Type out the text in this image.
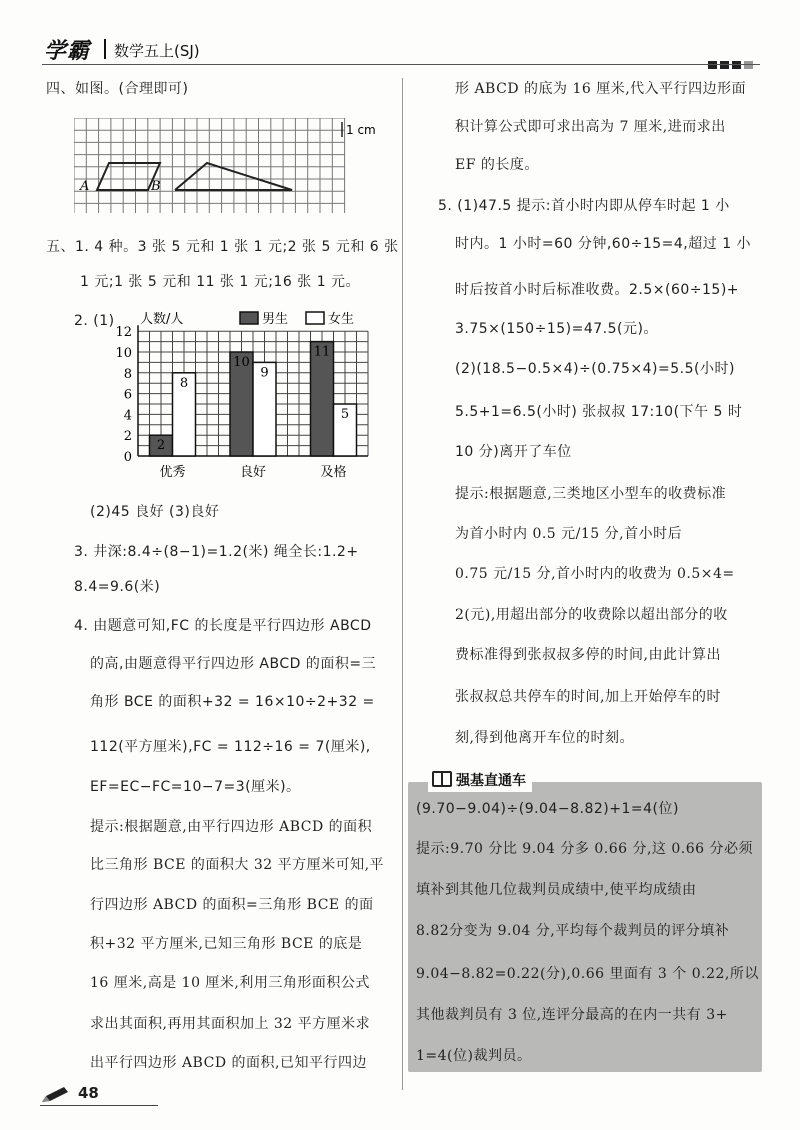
学霸 数学五上(SJ)
四、如图。(合理即可)
A	B
1 cm
五、1. 4 种。3 张 5 元和 1 张 1 元;2 张 5 元和 6 张
1 元;1 张 5 元和 11 张 1 元;16 张 1 元。
2. (1)
0
2
4
6
8
10
12
人数/人	男生	女生
2
8
优秀
10
9
良好
11
5
及格
(2)45 良好 (3)良好
3. 井深:8.4÷(8−1)=1.2(米) 绳全长:1.2+
8.4=9.6(米)
4. 由题意可知,FC 的长度是平行四边形 ABCD
的高,由题意得平行四边形 ABCD 的面积=三
角形 BCE 的面积+32 = 16×10÷2+32 =
112(平方厘米),FC = 112÷16 = 7(厘米),
EF=EC−FC=10−7=3(厘米)。
提示:根据题意,由平行四边形 ABCD 的面积
比三角形 BCE 的面积大 32 平方厘米可知,平
行四边形 ABCD 的面积=三角形 BCE 的面
积+32 平方厘米,已知三角形 BCE 的底是
16 厘米,高是 10 厘米,利用三角形面积公式
求出其面积,再用其面积加上 32 平方厘米求
出平行四边形 ABCD 的面积,已知平行四边
形 ABCD 的底为 16 厘米,代入平行四边形面
积计算公式即可求出高为 7 厘米,进而求出
EF 的长度。
5. (1)47.5 提示:首小时内即从停车时起 1 小
时内。1 小时=60 分钟,60÷15=4,超过 1 小
时后按首小时后标准收费。2.5×(60÷15)+
3.75×(150÷15)=47.5(元)。
(2)(18.5−0.5×4)÷(0.75×4)=5.5(小时)
5.5+1=6.5(小时) 张叔叔 17:10(下午 5 时
10 分)离开了车位
提示:根据题意,三类地区小型车的收费标准
为首小时内 0.5 元/15 分,首小时后
0.75 元/15 分,首小时内的收费为 0.5×4=
2(元),用超出部分的收费除以超出部分的收
费标准得到张叔叔多停的时间,由此计算出
张叔叔总共停车的时间,加上开始停车的时
刻,得到他离开车位的时刻。
强基直通车
(9.70−9.04)÷(9.04−8.82)+1=4(位)
提示:9.70 分比 9.04 分多 0.66 分,这 0.66 分必须
填补到其他几位裁判员成绩中,使平均成绩由
8.82分变为 9.04 分,平均每个裁判员的评分填补
9.04−8.82=0.22(分),0.66 里面有 3 个 0.22,所以
其他裁判员有 3 位,连评分最高的在内一共有 3+
1=4(位)裁判员。
48
